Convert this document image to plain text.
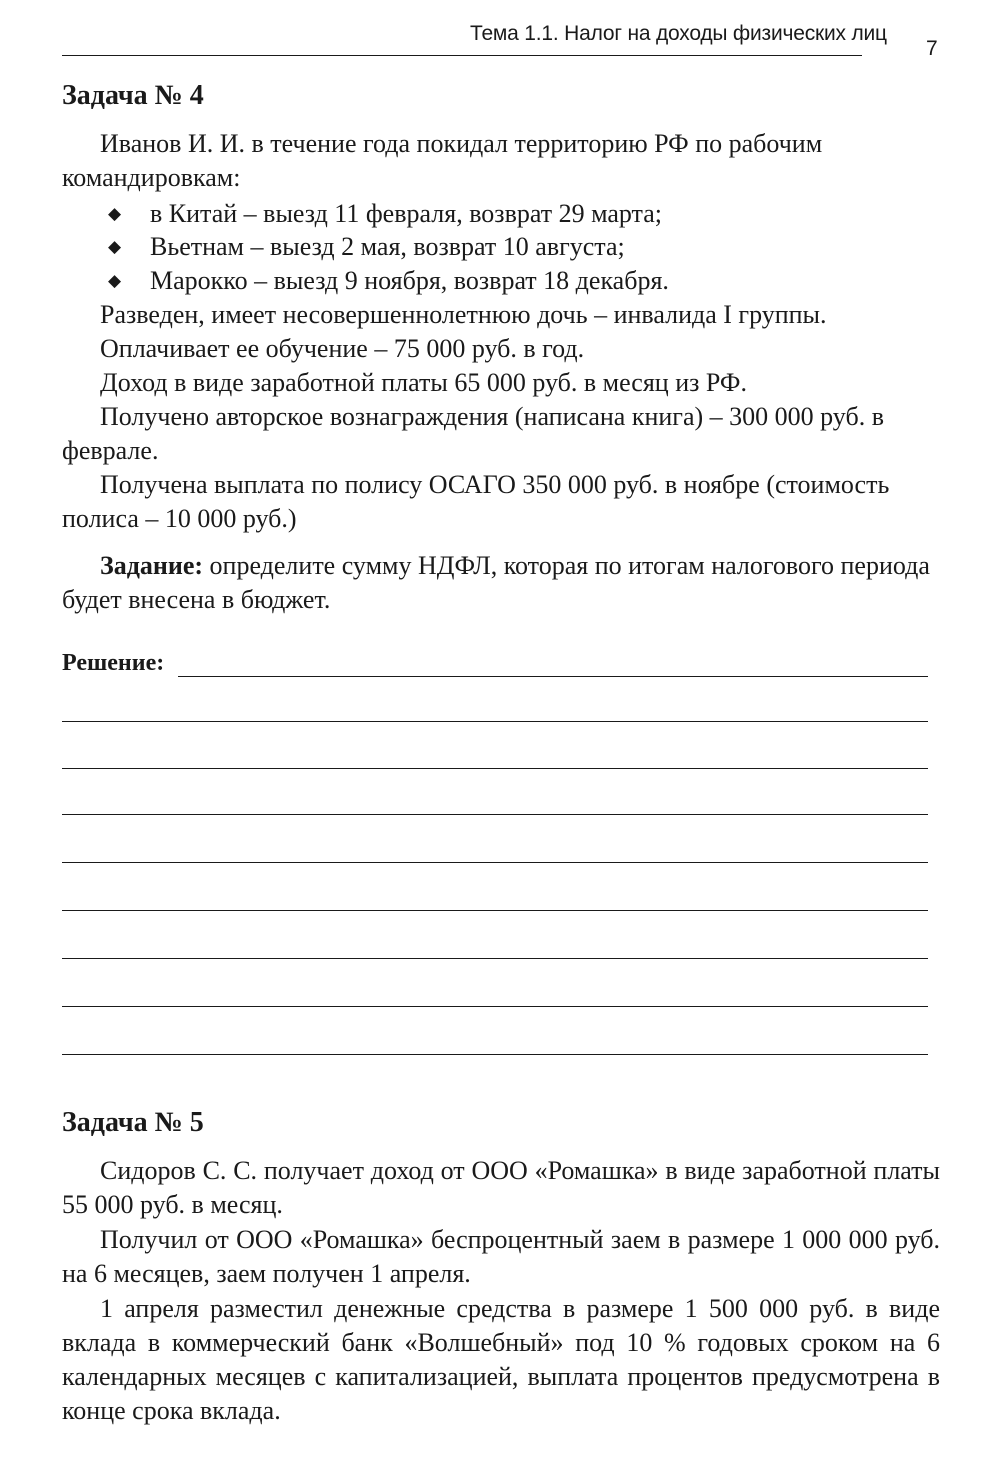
Тема 1.1. Налог на доходы физических лиц
7
Задача № 4

Иванов И. И. в течение года покидал территорию РФ по рабочим командировкам:

◆ в Китай – выезд 11 февраля, возврат 29 марта;
◆ Вьетнам – выезд 2 мая, возврат 10 августа;
◆ Марокко – выезд 9 ноября, возврат 18 декабря.
Разведен, имеет несовершеннолетнюю дочь – инвалида I группы.
Оплачивает ее обучение – 75 000 руб. в год.
Доход в виде заработной платы 65 000 руб. в месяц из РФ.

Получено авторское вознаграждения (написана книга) – 300 000 руб. в феврале.

Получена выплата по полису ОСАГО 350 000 руб. в ноябре (стоимость полиса – 10 000 руб.)

Задание: определите сумму НДФЛ, которая по итогам налогового периода будет внесена в бюджет.

Решение:
Задача № 5

Сидоров С. С. получает доход от ООО «Ромашка» в виде заработной платы 55 000 руб. в месяц.

Получил от ООО «Ромашка» беспроцентный заем в размере 1 000 000 руб. на 6 месяцев, заем получен 1 апреля.

1 апреля разместил денежные средства в размере 1 500 000 руб. в виде вклада в коммерческий банк «Волшебный» под 10 % годовых сроком на 6 календарных месяцев с капитализацией, выплата процентов предусмотрена в конце срока вклада.
